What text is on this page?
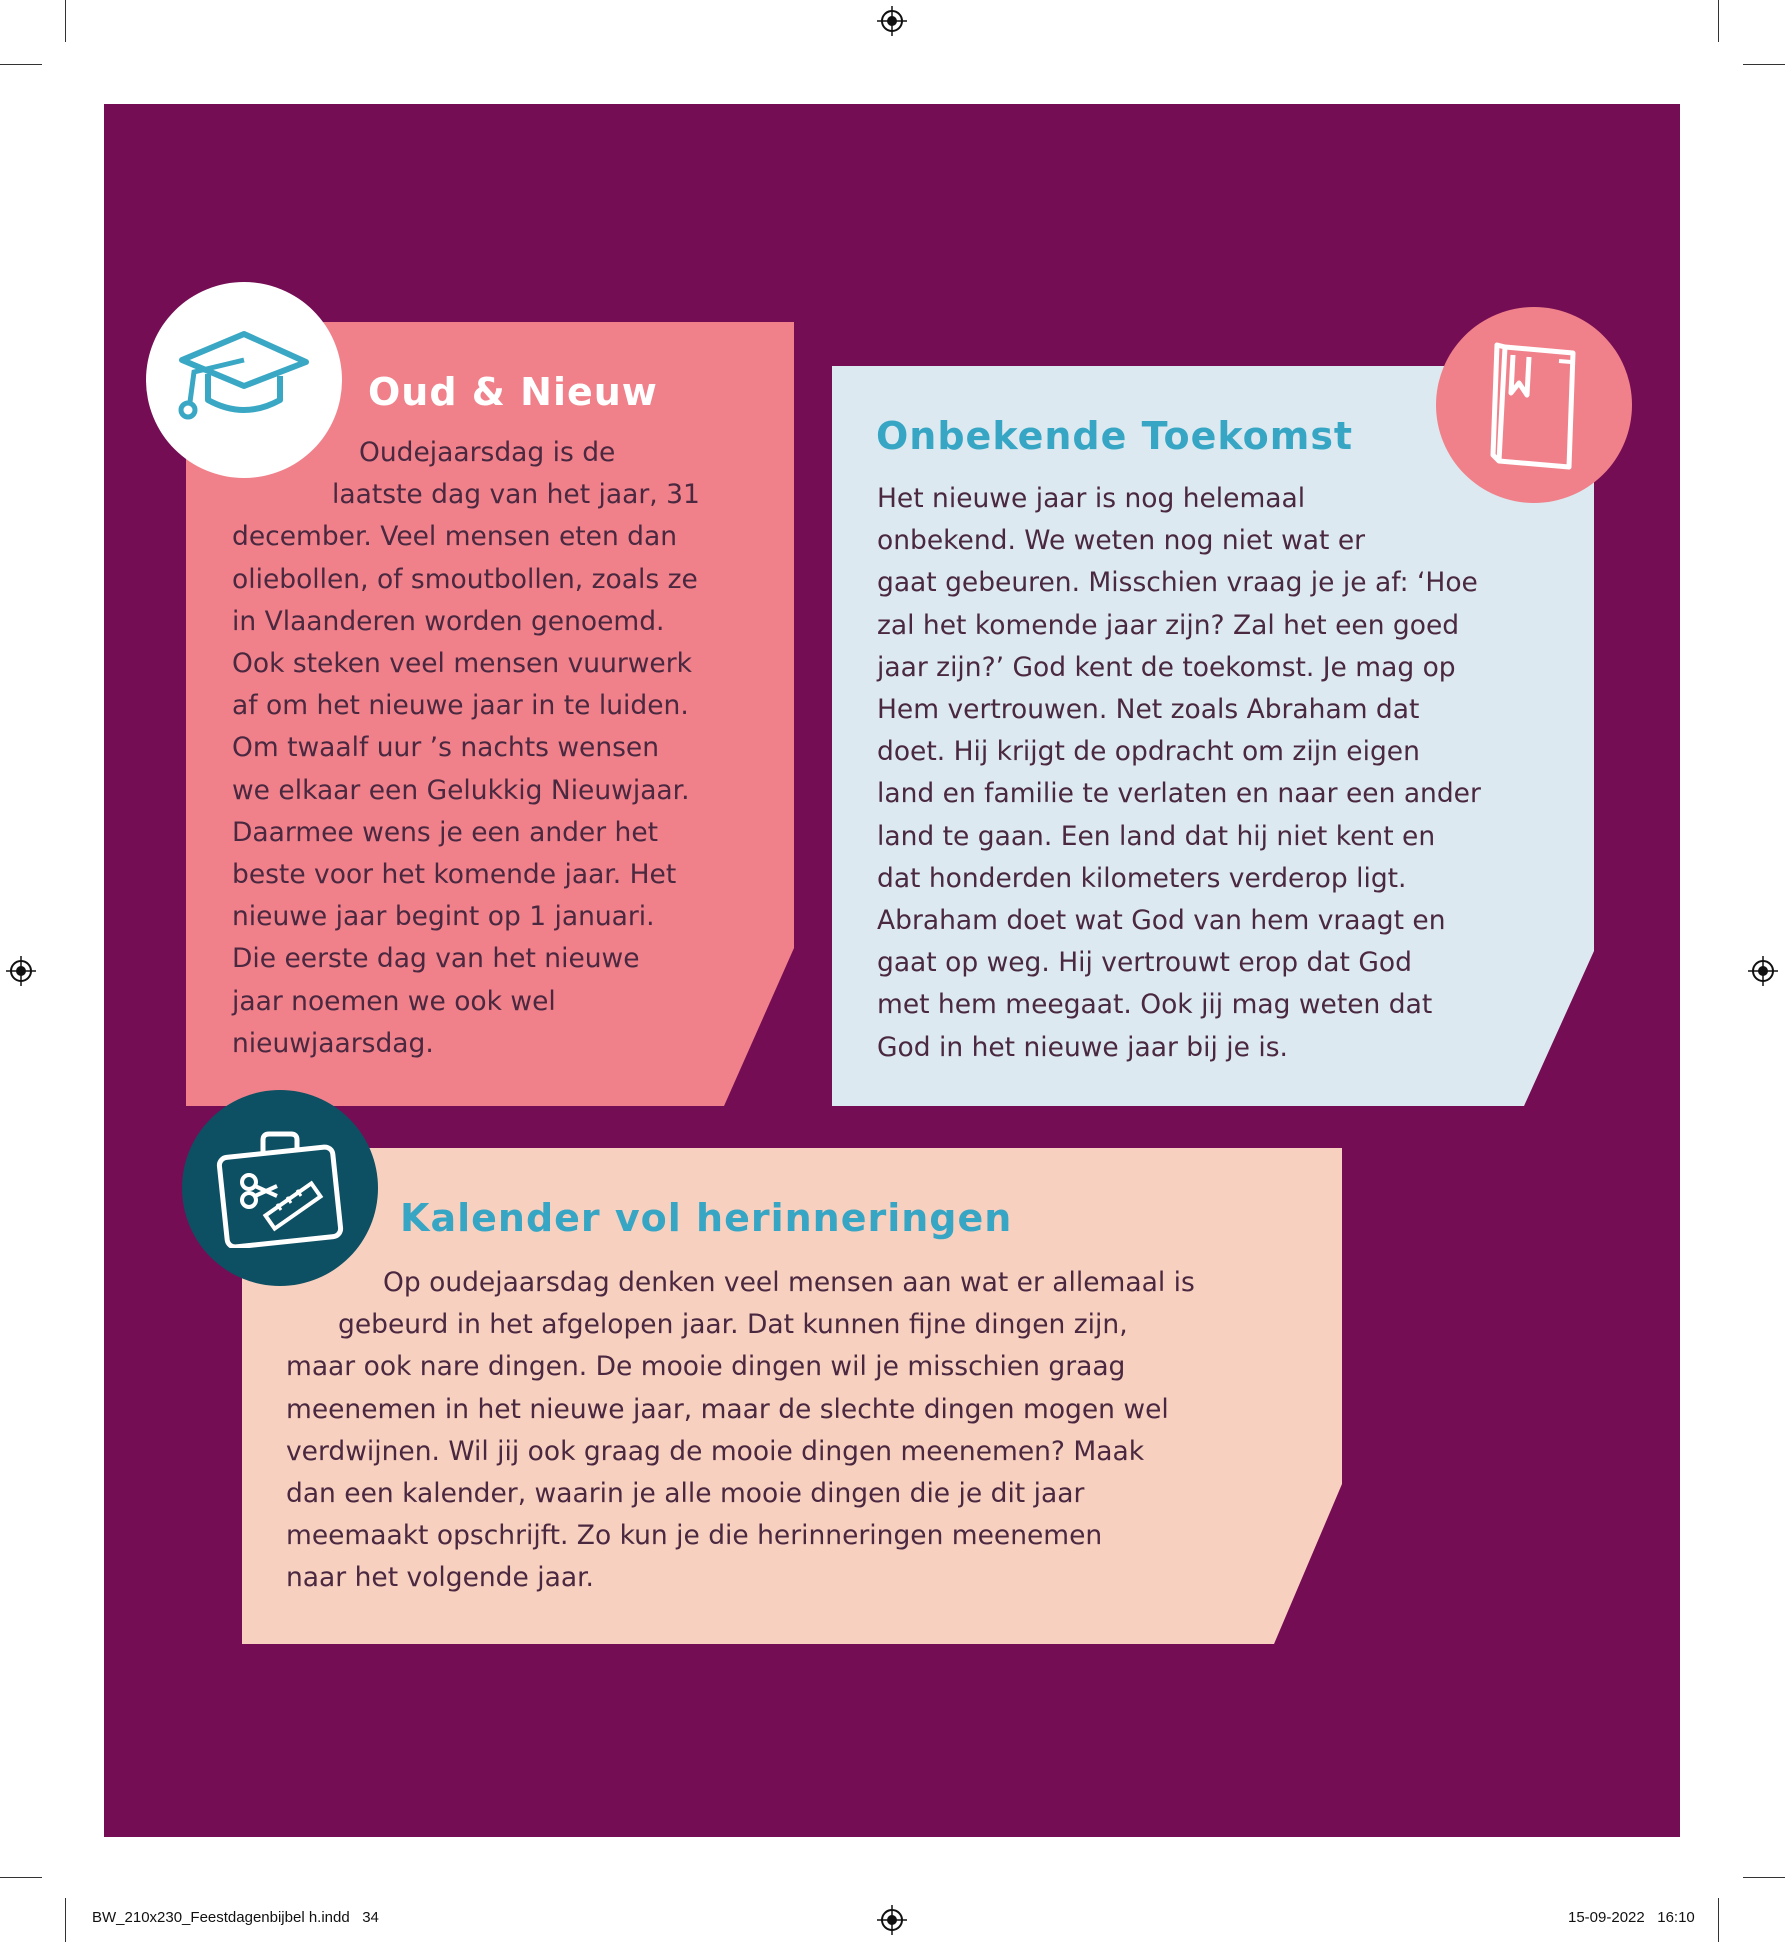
Oud & Nieuw
Oudejaarsdag is de
laatste dag van het jaar, 31
december. Veel mensen eten dan
oliebollen, of smoutbollen, zoals ze
in Vlaanderen worden genoemd.
Ook steken veel mensen vuurwerk
af om het nieuwe jaar in te luiden.
Om twaalf uur ’s nachts wensen
we elkaar een Gelukkig Nieuwjaar.
Daarmee wens je een ander het
beste voor het komende jaar. Het
nieuwe jaar begint op 1 januari.
Die eerste dag van het nieuwe
jaar noemen we ook wel
nieuwjaarsdag.
Onbekende Toekomst
Het nieuwe jaar is nog helemaal
onbekend. We weten nog niet wat er
gaat gebeuren. Misschien vraag je je af: ‘Hoe
zal het komende jaar zijn? Zal het een goed
jaar zijn?’ God kent de toekomst. Je mag op
Hem vertrouwen. Net zoals Abraham dat
doet. Hij krijgt de opdracht om zijn eigen
land en familie te verlaten en naar een ander
land te gaan. Een land dat hij niet kent en
dat honderden kilometers verderop ligt.
Abraham doet wat God van hem vraagt en
gaat op weg. Hij vertrouwt erop dat God
met hem meegaat. Ook jij mag weten dat
God in het nieuwe jaar bij je is.
Kalender vol herinneringen
Op oudejaarsdag denken veel mensen aan wat er allemaal is
gebeurd in het afgelopen jaar. Dat kunnen fijne dingen zijn,
maar ook nare dingen. De mooie dingen wil je misschien graag
meenemen in het nieuwe jaar, maar de slechte dingen mogen wel
verdwijnen. Wil jij ook graag de mooie dingen meenemen? Maak
dan een kalender, waarin je alle mooie dingen die je dit jaar
meemaakt opschrijft. Zo kun je die herinneringen meenemen
naar het volgende jaar.
BW_210x230_Feestdagenbijbel h.indd   34	15-09-2022   16:10
